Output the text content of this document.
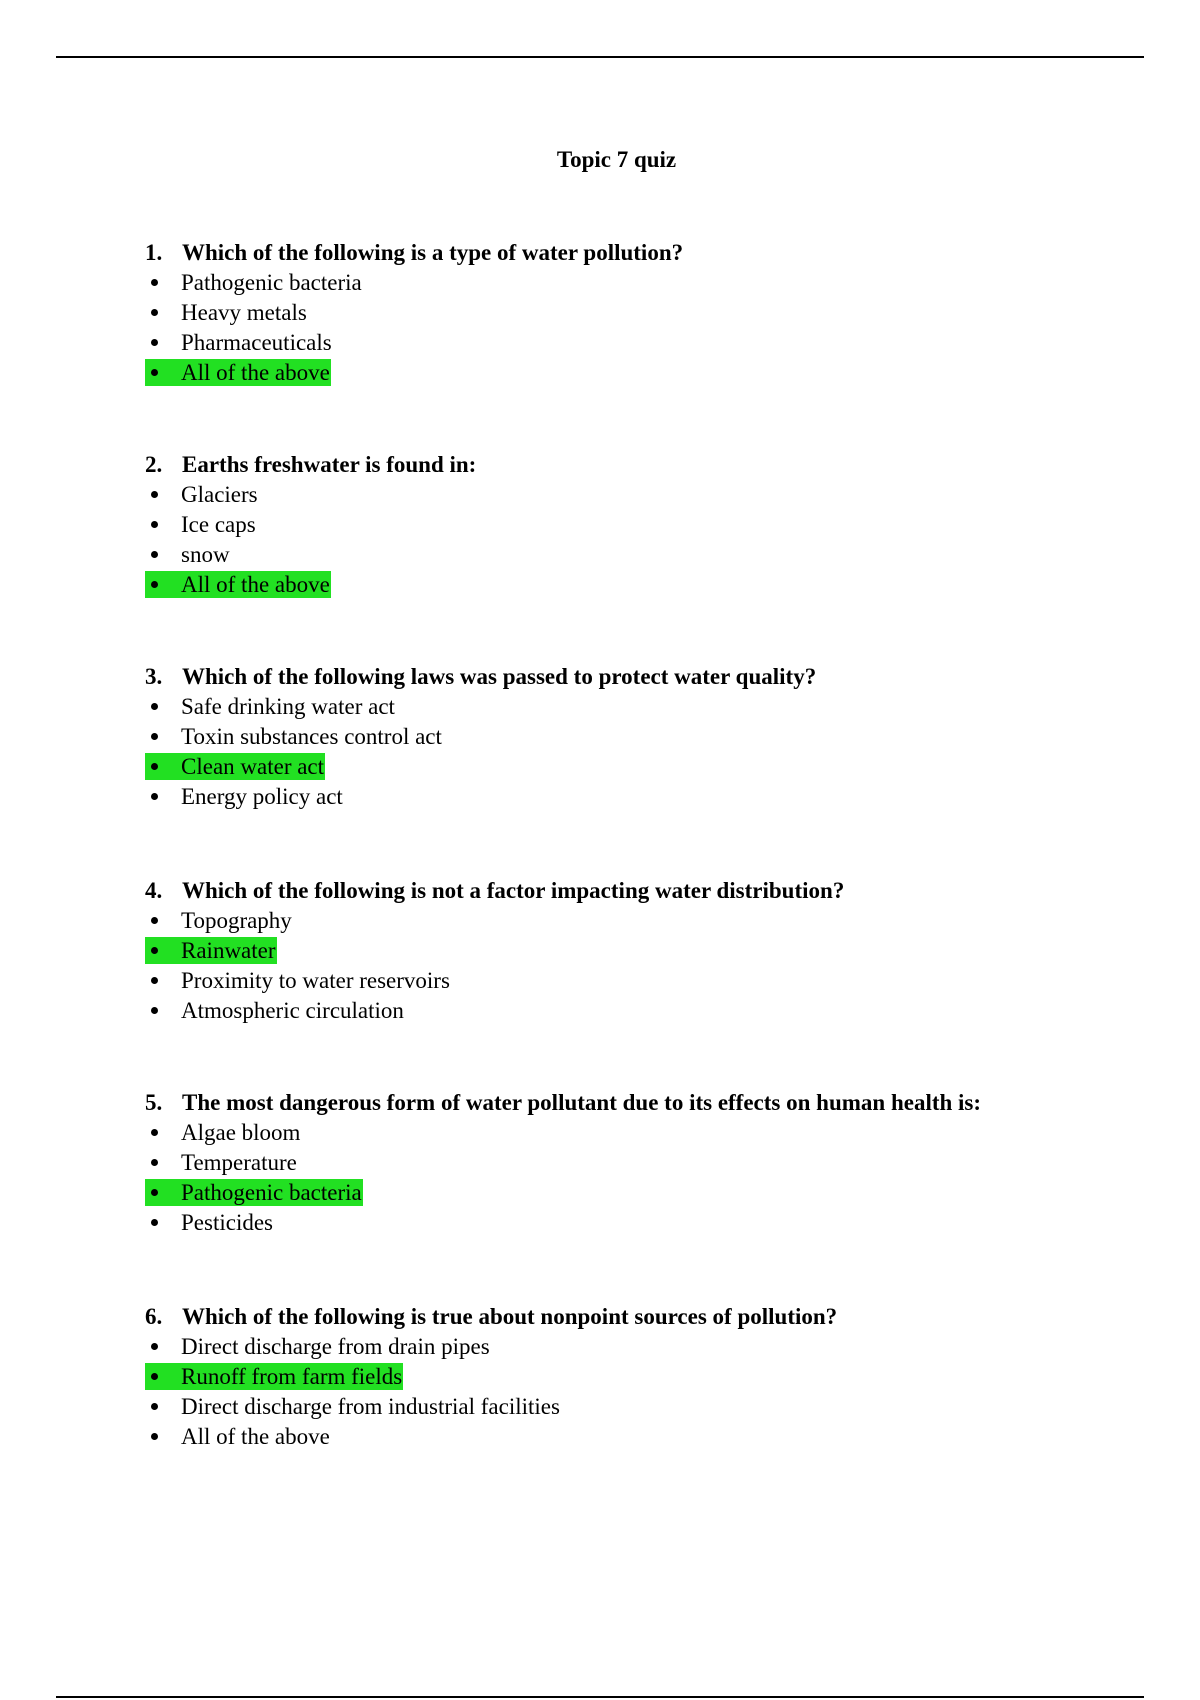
Topic 7 quiz
1. Which of the following is a type of water pollution?
Pathogenic bacteria
Heavy metals
Pharmaceuticals
All of the above
2. Earths freshwater is found in:
Glaciers
Ice caps
snow
All of the above
3. Which of the following laws was passed to protect water quality?
Safe drinking water act
Toxin substances control act
Clean water act
Energy policy act
4. Which of the following is not a factor impacting water distribution?
Topography
Rainwater
Proximity to water reservoirs
Atmospheric circulation
5. The most dangerous form of water pollutant due to its effects on human health is:
Algae bloom
Temperature
Pathogenic bacteria
Pesticides
6. Which of the following is true about nonpoint sources of pollution?
Direct discharge from drain pipes
Runoff from farm fields
Direct discharge from industrial facilities
All of the above
